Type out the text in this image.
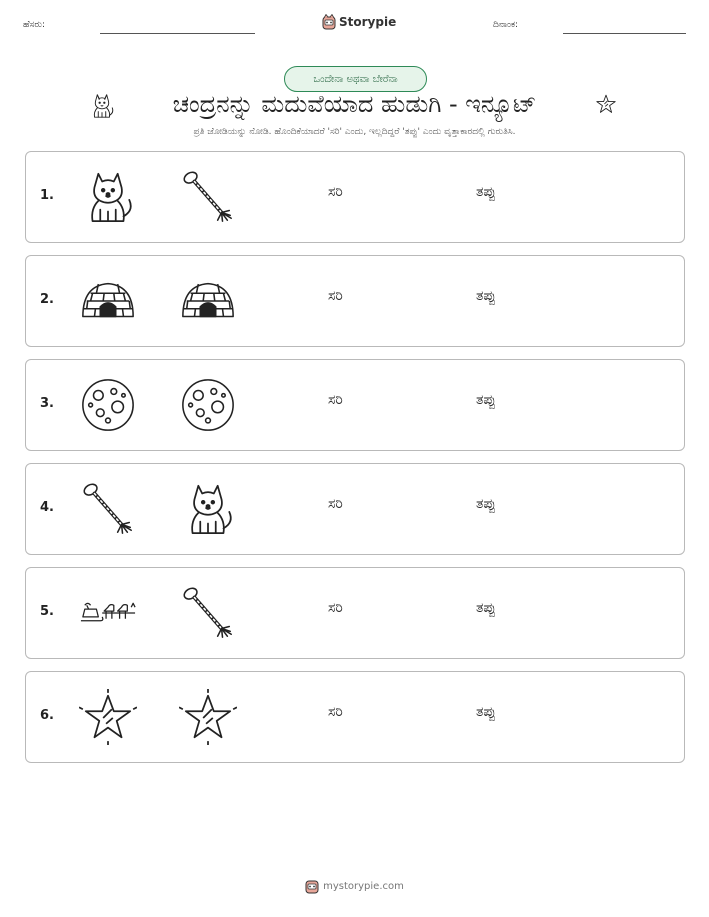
ಹೆಸರು:	Storypie	ದಿನಾಂಕ:
ಒಂದೇನಾ ಅಥವಾ ಬೇರೆನಾ
ಚಂದ್ರನನ್ನು ಮದುವೆಯಾದ ಹುಡುಗಿ - ಇನ್ಯೂಟ್
ಪ್ರತಿ ಜೋಡಿಯನ್ನು ನೋಡಿ. ಹೊಂದಿಕೆಯಾದರೆ 'ಸರಿ' ಎಂದು, ಇಲ್ಲದಿದ್ದರೆ 'ತಪ್ಪು' ಎಂದು ವೃತ್ತಾಕಾರದಲ್ಲಿ ಗುರುತಿಸಿ.
1.	ಸರಿ	ತಪ್ಪು
2.	ಸರಿ	ತಪ್ಪು
3.	ಸರಿ	ತಪ್ಪು
4.	ಸರಿ	ತಪ್ಪು
5.	ಸರಿ	ತಪ್ಪು
6.	ಸರಿ	ತಪ್ಪು
mystorypie.com
